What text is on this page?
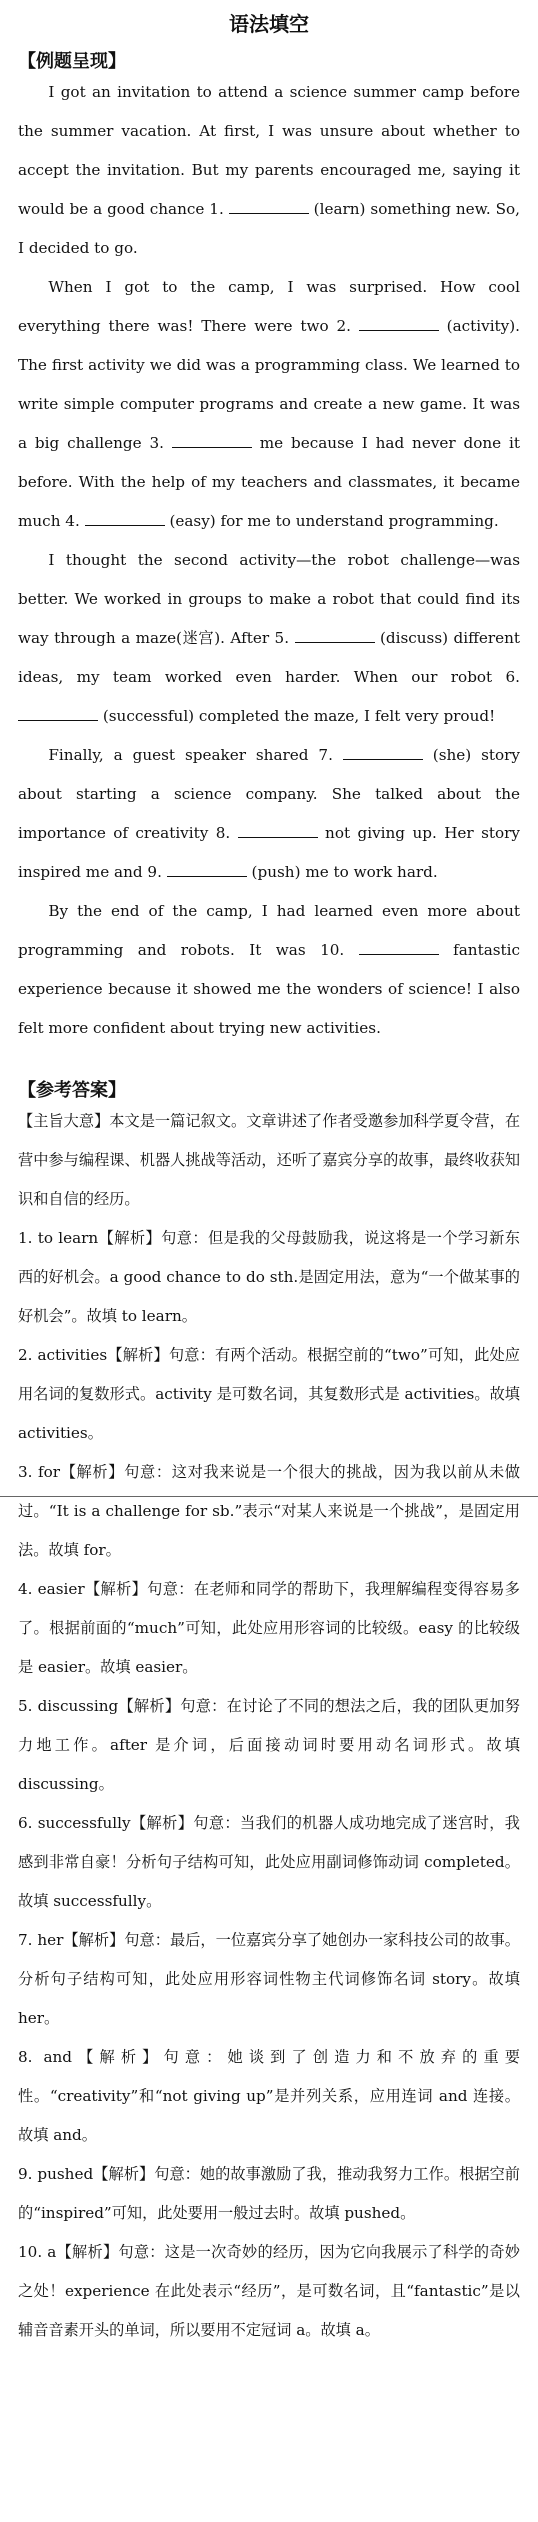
语法填空
【例题呈现】

I got an invitation to attend a science summer camp before the summer vacation. At first, I was unsure about whether to accept the invitation. But my parents encouraged me, saying it would be a good chance 1.	(learn) something new. So, I decided to go.

When I got to the camp, I was surprised. How cool everything there was! There were two 2.	(activity). The first activity we did was a programming class. We learned to write simple computer programs and create a new game. It was a big challenge 3.	me because I had never done it before. With the help of my teachers and classmates, it became much 4.	(easy) for me to understand programming.

I thought the second activity—the robot challenge—was better. We worked in groups to make a robot that could find its way through a maze(迷宫). After 5.	(discuss) different ideas, my team worked even harder. When our robot 6.  (successful) completed the maze, I felt very proud!

Finally, a guest speaker shared 7.	(she) story about starting a science company. She talked about the importance of creativity 8.	not giving up. Her story inspired me and 9.	(push) me to work hard.

By the end of the camp, I had learned even more about programming and robots. It was 10.	fantastic experience because it showed me the wonders of science! I also felt more confident about trying new activities.

【参考答案】

【主旨大意】本文是一篇记叙文。文章讲述了作者受邀参加科学夏令营，在营中参与编程课、机器人挑战等活动，还听了嘉宾分享的故事，最终收获知识和自信的经历。

1. to learn【解析】句意：但是我的父母鼓励我，说这将是一个学习新东西的好机会。a good chance to do sth.是固定用法，意为“一个做某事的好机会”。故填 to learn。

2. activities【解析】句意：有两个活动。根据空前的“two”可知，此处应用名词的复数形式。activity 是可数名词，其复数形式是 activities。故填 activities。

3. for【解析】句意：这对我来说是一个很大的挑战，因为我以前从未做过。“It is a challenge for sb.”表示“对某人来说是一个挑战”，是固定用法。故填 for。

4. easier【解析】句意：在老师和同学的帮助下，我理解编程变得容易多了。根据前面的“much”可知，此处应用形容词的比较级。easy 的比较级是 easier。故填 easier。

5. discussing【解析】句意：在讨论了不同的想法之后，我的团队更加努力地工作。after 是介词，后面接动词时要用动名词形式。故填 discussing。

6. successfully【解析】句意：当我们的机器人成功地完成了迷宫时，我感到非常自豪！分析句子结构可知，此处应用副词修饰动词 completed。故填 successfully。

7. her【解析】句意：最后，一位嘉宾分享了她创办一家科技公司的故事。分析句子结构可知，此处应用形容词性物主代词修饰名词 story。故填 her。

8. and【解析】句意：她谈到了创造力和不放弃的重要性。“creativity”和“not giving up”是并列关系，应用连词 and 连接。故填 and。

9. pushed【解析】句意：她的故事激励了我，推动我努力工作。根据空前的“inspired”可知，此处要用一般过去时。故填 pushed。

10. a【解析】句意：这是一次奇妙的经历，因为它向我展示了科学的奇妙之处！experience 在此处表示“经历”，是可数名词，且“fantastic”是以辅音音素开头的单词，所以要用不定冠词 a。故填 a。
